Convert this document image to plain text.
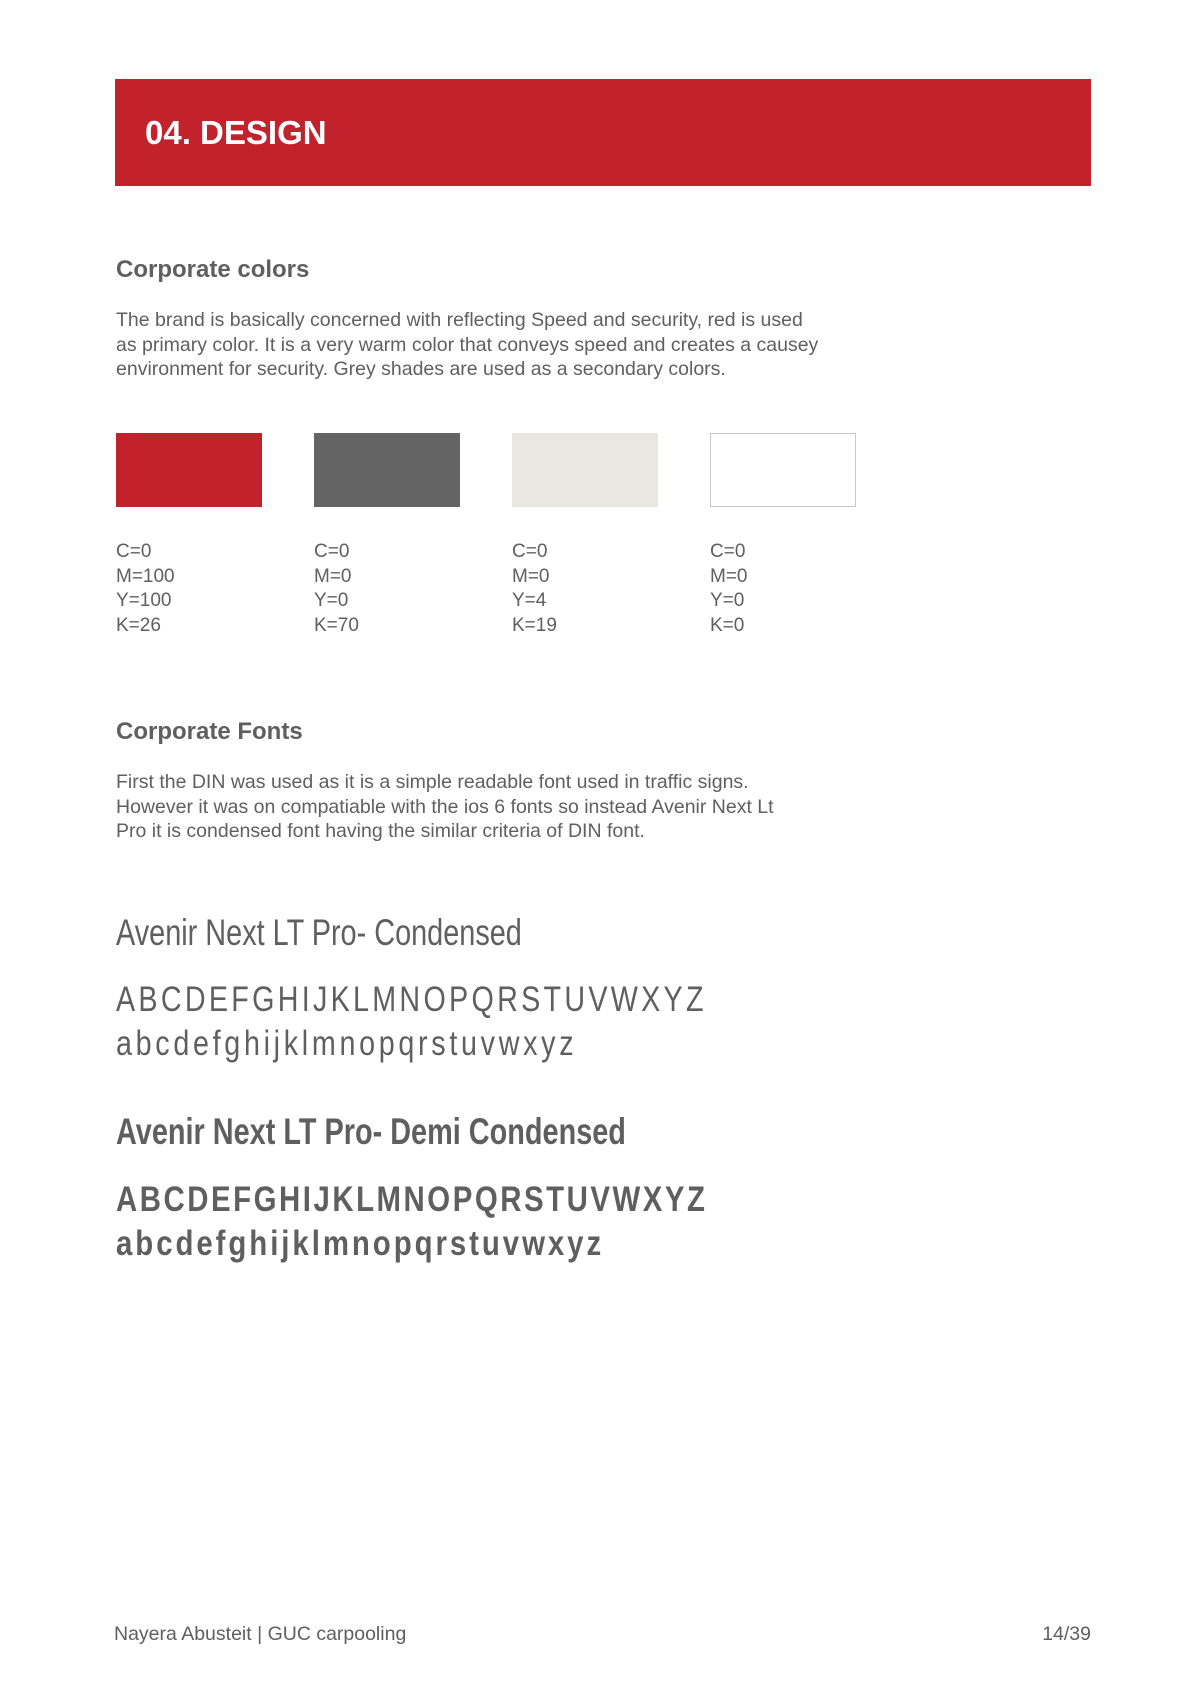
04. DESIGN
Corporate colors
The brand is basically concerned with reflecting Speed and security, red is used
as primary color. It is a very warm color that conveys speed and creates a causey
environment for security. Grey shades are used as a secondary colors.
C=0
M=100
Y=100
K=26
C=0
M=0
Y=0
K=70
C=0
M=0
Y=4
K=19
C=0
M=0
Y=0
K=0
Corporate Fonts
First the DIN was used as it is a simple readable font used in traffic signs.
However it was on compatiable with the ios 6 fonts so instead Avenir Next Lt
Pro it is condensed font having the similar criteria of DIN font.
Avenir Next LT Pro- Condensed
ABCDEFGHIJKLMNOPQRSTUVWXYZ
abcdefghijklmnopqrstuvwxyz
Avenir Next LT Pro- Demi Condensed
ABCDEFGHIJKLMNOPQRSTUVWXYZ
abcdefghijklmnopqrstuvwxyz
Nayera Abusteit | GUC carpooling	14/39
